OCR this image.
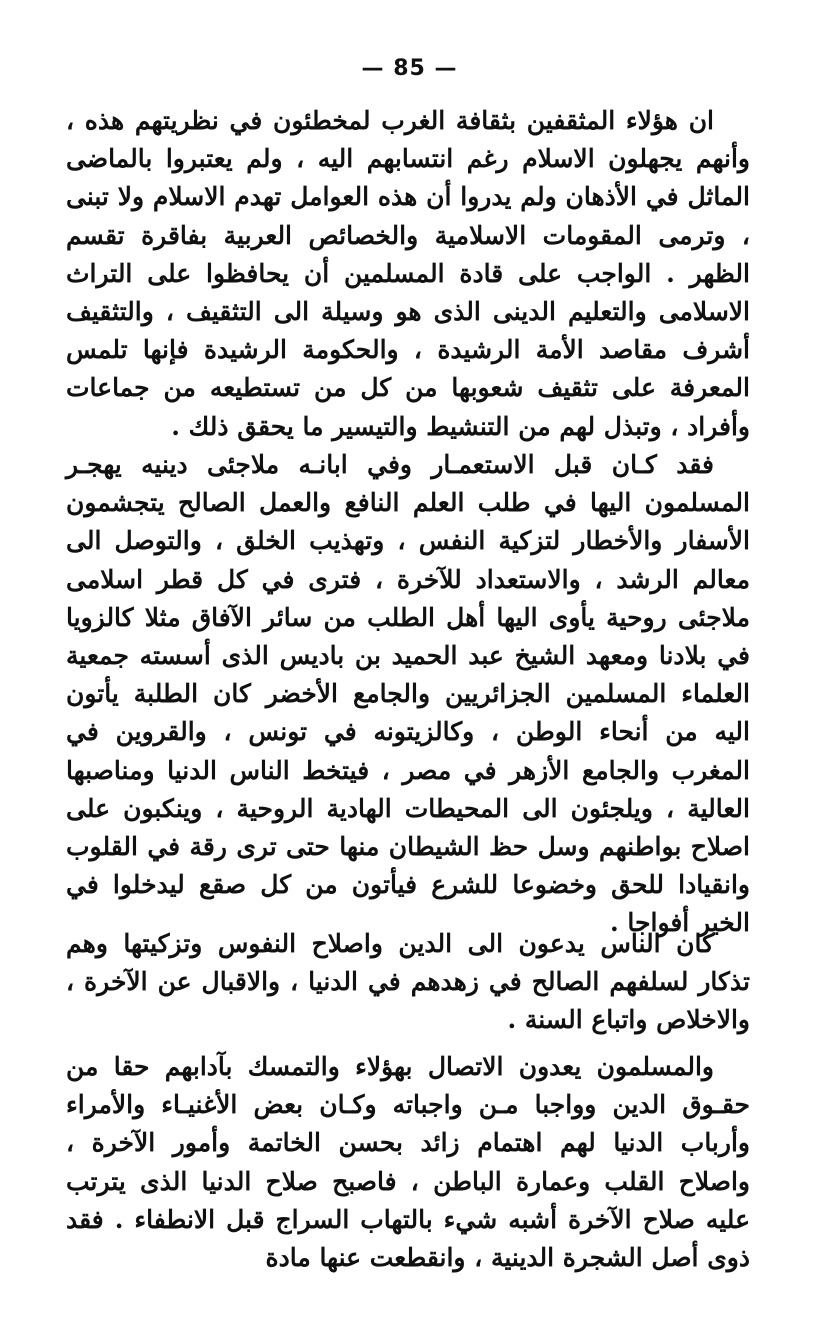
— 85 —

ان هؤلاء المثقفين بثقافة الغرب لمخطئون في نظريتهم هذه ، وأنهم يجهلون الاسلام رغم انتسابهم اليه ، ولم يعتبروا بالماضى الماثل في الأذهان ولم يدروا أن هذه العوامل تهدم الاسلام ولا تبنى ، وترمى المقومات الاسلامية والخصائص العربية بفاقرة تقسم الظهر . الواجب على قادة المسلمين أن يحافظوا على التراث الاسلامى والتعليم الدينى الذى هو وسيلة الى التثقيف ، والتثقيف أشرف مقاصد الأمة الرشيدة ، والحكومة الرشيدة فإنها تلمس المعرفة على تثقيف شعوبها من كل من تستطيعه من جماعات وأفراد ، وتبذل لهم من التنشيط والتيسير ما يحقق ذلك .

فقد كـان قبل الاستعمـار وفي ابانـه ملاجئى دينيه يهجـر المسلمون اليها في طلب العلم النافع والعمل الصالح يتجشمون الأسفار والأخطار لتزكية النفس ، وتهذيب الخلق ، والتوصل الى معالم الرشد ، والاستعداد للآخرة ، فترى في كل قطر اسلامى ملاجئى روحية يأوى اليها أهل الطلب من سائر الآفاق مثلا كالزويا في بلادنا ومعهد الشيخ عبد الحميد بن باديس الذى أسسته جمعية العلماء المسلمين الجزائريين والجامع الأخضر كان الطلبة يأتون اليه من أنحاء الوطن ، وكالزيتونه في تونس ، والقروين في المغرب والجامع الأزهر في مصر ، فيتخط الناس الدنيا ومناصبها العالية ، ويلجئون الى المحيطات الهادية الروحية ، وينكبون على اصلاح بواطنهم وسل حظ الشيطان منها حتى ترى رقة في القلوب وانقيادا للحق وخضوعا للشرع فيأتون من كل صقع ليدخلوا في الخير أفواجا .

كان الناس يدعون الى الدين واصلاح النفوس وتزكيتها وهم تذكار لسلفهم الصالح في زهدهم في الدنيا ، والاقبال عن الآخرة ، والاخلاص واتباع السنة .

والمسلمون يعدون الاتصال بهؤلاء والتمسك بآدابهم حقا من حقـوق الدين وواجبا مـن واجباته وكـان بعض الأغنيـاء والأمراء وأرباب الدنيا لهم اهتمام زائد بحسن الخاتمة وأمور الآخرة ، واصلاح القلب وعمارة الباطن ، فاصبح صلاح الدنيا الذى يترتب عليه صلاح الآخرة أشبه شيء بالتهاب السراج قبل الانطفاء . فقد ذوى أصل الشجرة الدينية ، وانقطعت عنها مادة
